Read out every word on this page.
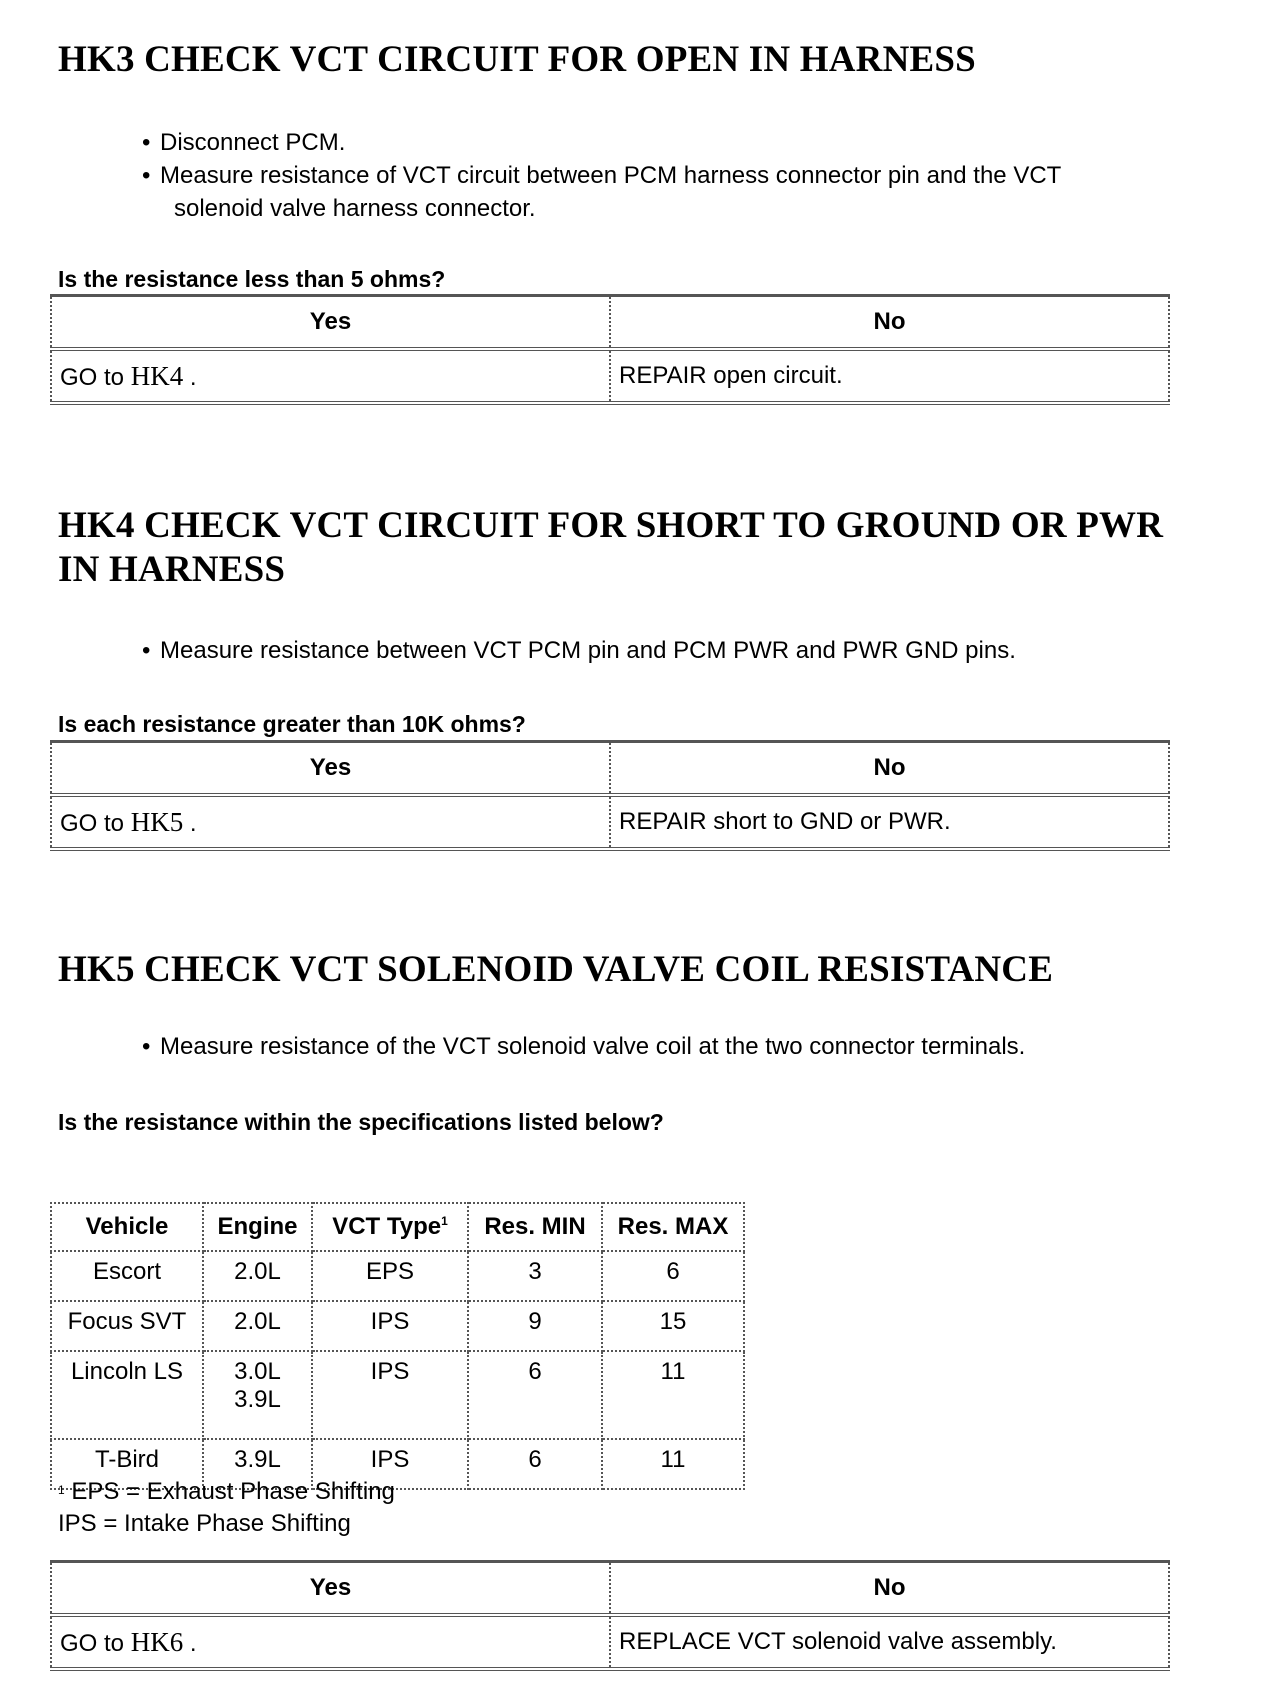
HK3 CHECK VCT CIRCUIT FOR OPEN IN HARNESS
• Disconnect PCM.
• Measure resistance of VCT circuit between PCM harness connector pin and the VCT
solenoid valve harness connector.

Is the resistance less than 5 ohms?

Yes	No
GO to HK4 .	REPAIR open circuit.
HK4 CHECK VCT CIRCUIT FOR SHORT TO GROUND OR PWR
IN HARNESS
• Measure resistance between VCT PCM pin and PCM PWR and PWR GND pins.

Is each resistance greater than 10K ohms?

Yes	No
GO to HK5 .	REPAIR short to GND or PWR.
HK5 CHECK VCT SOLENOID VALVE COIL RESISTANCE
• Measure resistance of the VCT solenoid valve coil at the two connector terminals.

Is the resistance within the specifications listed below?

Vehicle	Engine	VCT Type$^1$	Res. MIN	Res. MAX
Escort	2.0L	EPS	3	6
Focus SVT	2.0L	IPS	9	15
Lincoln LS	3.0L
3.9L	IPS	6	11
T-Bird	3.9L	IPS	6	11
$^1$ EPS = Exhaust Phase Shifting
IPS = Intake Phase Shifting
Yes	No
GO to HK6 .	REPLACE VCT solenoid valve assembly.
